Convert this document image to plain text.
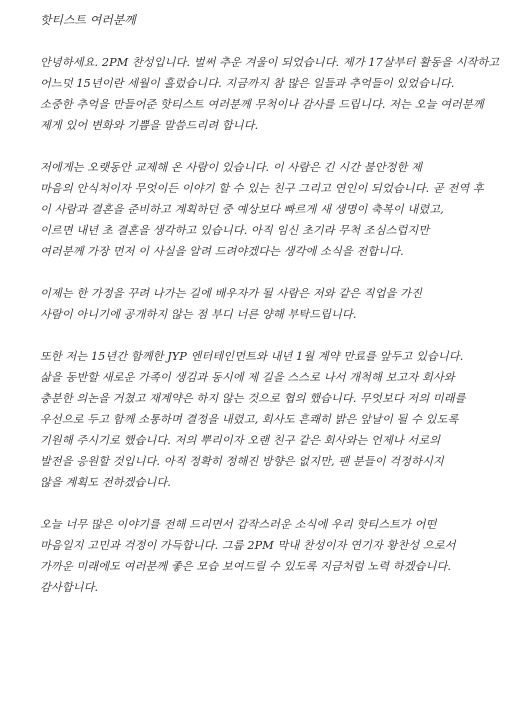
핫티스트 여러분께
안녕하세요. 2PM 찬성입니다. 벌써 추운 겨울이 되었습니다. 제가 17살부터 활동을 시작하고
어느덧 15년이란 세월이 흘렀습니다. 지금까지 참 많은 일들과 추억들이 있었습니다.
소중한 추억을 만들어준 핫티스트 여러분께 무척이나 감사를 드립니다. 저는 오늘 여러분께
제게 있어 변화와 기쁨을 말씀드리려 합니다.
저에게는 오랫동안 교제해 온 사람이 있습니다. 이 사람은 긴 시간 불안정한 제
마음의 안식처이자 무엇이든 이야기 할 수 있는 친구 그리고 연인이 되었습니다. 곧 전역 후
이 사람과 결혼을 준비하고 계획하던 중 예상보다 빠르게 새 생명이 축복이 내렸고,
이르면 내년 초 결혼을 생각하고 있습니다. 아직 임신 초기라 무척 조심스럽지만
여러분께 가장 먼저 이 사실을 알려 드려야겠다는 생각에 소식을 전합니다.
이제는 한 가정을 꾸려 나가는 길에 배우자가 될 사람은 저와 같은 직업을 가진
사람이 아니기에 공개하지 않는 점 부디 너른 양해 부탁드립니다.
또한 저는 15년간 함께한 JYP 엔터테인먼트와 내년 1월 계약 만료를 앞두고 있습니다.
삶을 동반할 새로운 가족이 생김과 동시에 제 길을 스스로 나서 개척해 보고자 회사와
충분한 의논을 거쳤고 재계약은 하지 않는 것으로 협의 했습니다. 무엇보다 저의 미래를
우선으로 두고 함께 소통하며 결정을 내렸고, 회사도 흔쾌히 밝은 앞날이 될 수 있도록
기원해 주시기로 했습니다. 저의 뿌리이자 오랜 친구 같은 회사와는 언제나 서로의
발전을 응원할 것입니다. 아직 정확히 정해진 방향은 없지만, 팬 분들이 걱정하시지
않을 계획도 전하겠습니다.
오늘 너무 많은 이야기를 전해 드리면서 갑작스러운 소식에 우리 핫티스트가 어떤
마음일지 고민과 걱정이 가득합니다. 그룹 2PM 막내 찬성이자 연기자 황찬성 으로서
가까운 미래에도 여러분께 좋은 모습 보여드릴 수 있도록 지금처럼 노력 하겠습니다.
감사합니다.
